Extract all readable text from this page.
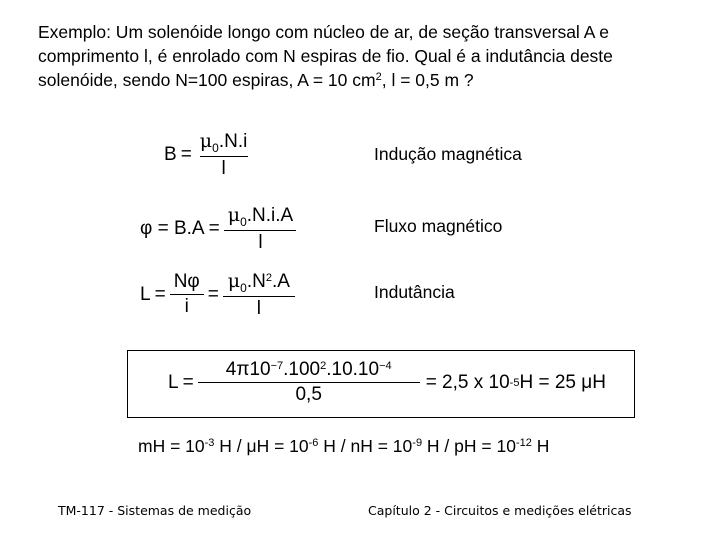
Exemplo: Um solenóide longo com núcleo de ar, de seção transversal A e comprimento l, é enrolado com N espiras de fio. Qual é a indutância deste solenóide, sendo N=100 espiras, A = 10 $cm^2$, l = 0,5 m ?
$B = \frac{\mu_0.N.i}{l}$	Indução magnética
$\varphi = B.A = \frac{\mu_0.N.i.A}{l}$	Fluxo magnético
$L = \frac{N\varphi}{i} = \frac{\mu_0.N^2.A}{l}$	Indutância
$L = \frac{4\pi 10^{-7}.100^2.10.10^{-4}}{0,5} = 2,5$ x 10 -5 H = 25 μH
mH = $10^{-3}$ $H / \mu H = 10^{-6}$ H / nH = $10^{-9}$ H / pH = $10^{-12}$ H
TM-117 - Sistemas de medição	Capítulo 2 - Circuitos e medições elétricas
